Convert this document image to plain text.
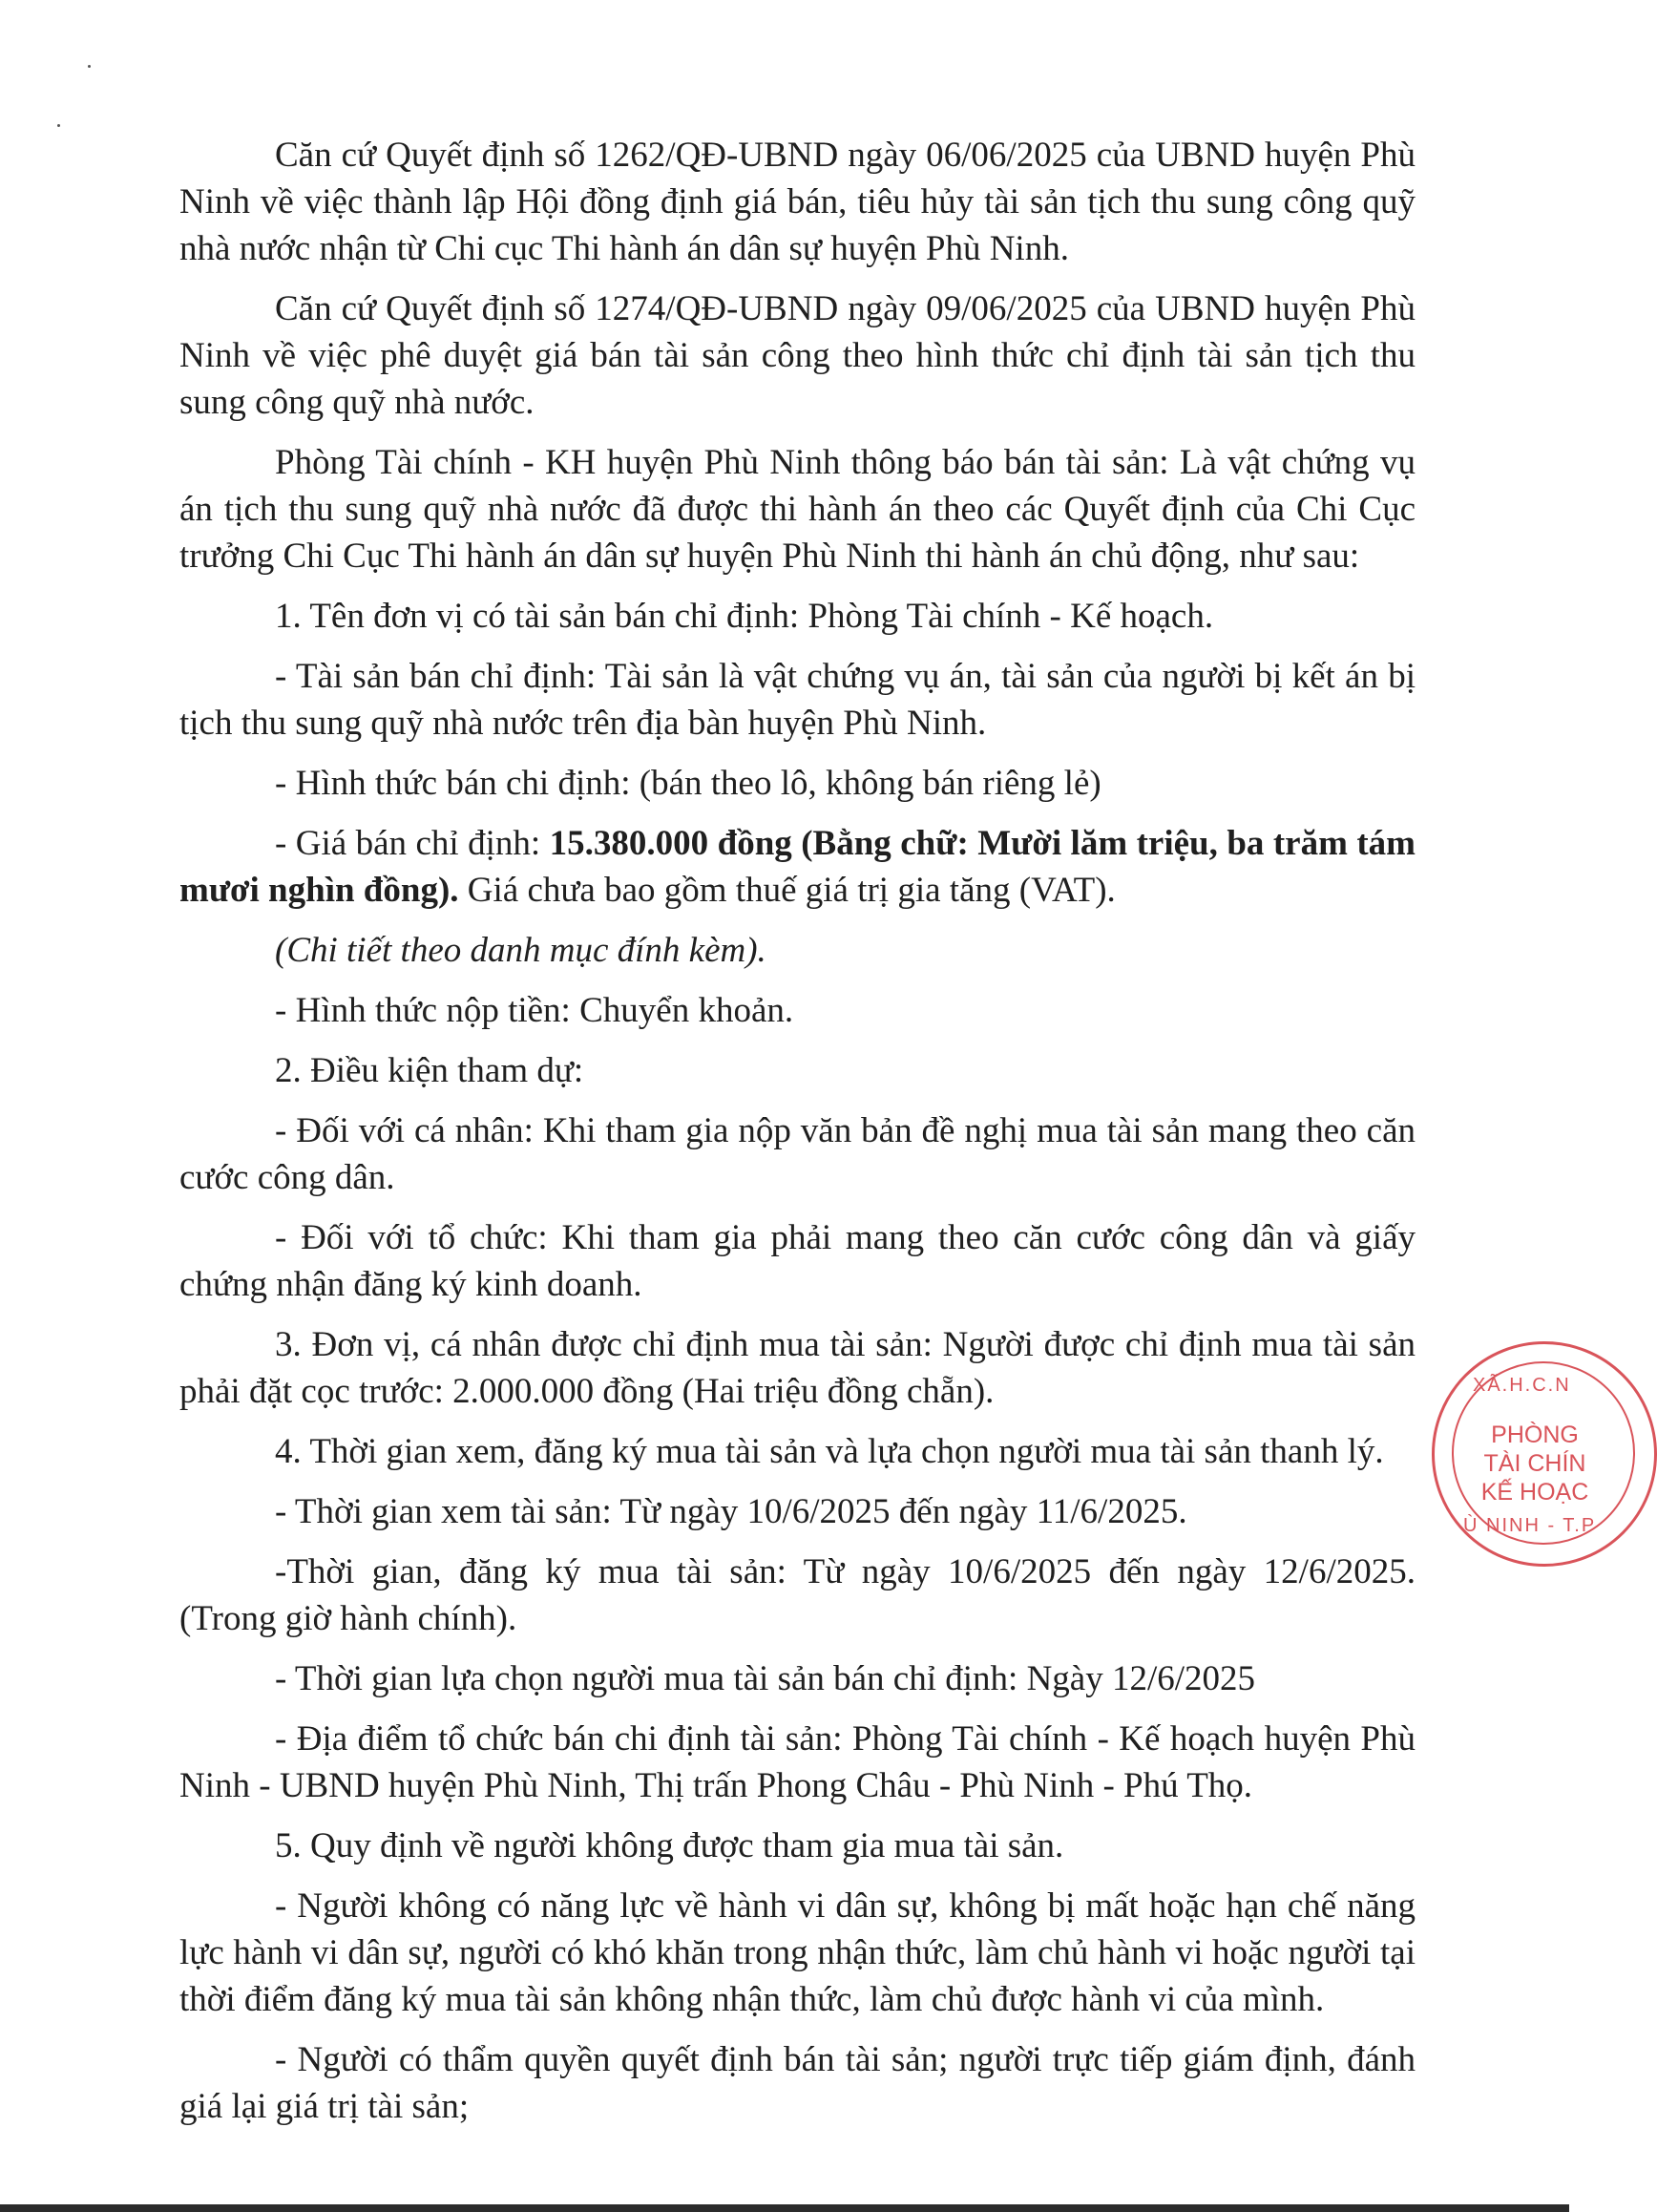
Căn cứ Quyết định số 1262/QĐ-UBND ngày 06/06/2025 của UBND huyện Phù Ninh về việc thành lập Hội đồng định giá bán, tiêu hủy tài sản tịch thu sung công quỹ nhà nước nhận từ Chi cục Thi hành án dân sự huyện Phù Ninh.

Căn cứ Quyết định số 1274/QĐ-UBND ngày 09/06/2025 của UBND huyện Phù Ninh về việc phê duyệt giá bán tài sản công theo hình thức chỉ định tài sản tịch thu sung công quỹ nhà nước.

Phòng Tài chính - KH huyện Phù Ninh thông báo bán tài sản: Là vật chứng vụ án tịch thu sung quỹ nhà nước đã được thi hành án theo các Quyết định của Chi Cục trưởng Chi Cục Thi hành án dân sự huyện Phù Ninh thi hành án chủ động, như sau:

1. Tên đơn vị có tài sản bán chỉ định: Phòng Tài chính - Kế hoạch.

- Tài sản bán chỉ định: Tài sản là vật chứng vụ án, tài sản của người bị kết án bị tịch thu sung quỹ nhà nước trên địa bàn huyện Phù Ninh.

- Hình thức bán chi định: (bán theo lô, không bán riêng lẻ)

- Giá bán chỉ định: 15.380.000 đồng (Bằng chữ: Mười lăm triệu, ba trăm tám mươi nghìn đồng). Giá chưa bao gồm thuế giá trị gia tăng (VAT).

(Chi tiết theo danh mục đính kèm).

- Hình thức nộp tiền: Chuyển khoản.

2. Điều kiện tham dự:

- Đối với cá nhân: Khi tham gia nộp văn bản đề nghị mua tài sản mang theo căn cước công dân.

- Đối với tổ chức: Khi tham gia phải mang theo căn cước công dân và giấy chứng nhận đăng ký kinh doanh.

3. Đơn vị, cá nhân được chỉ định mua tài sản: Người được chỉ định mua tài sản phải đặt cọc trước: 2.000.000 đồng (Hai triệu đồng chẵn).

4. Thời gian xem, đăng ký mua tài sản và lựa chọn người mua tài sản thanh lý.

- Thời gian xem tài sản: Từ ngày 10/6/2025 đến ngày 11/6/2025.

-Thời gian, đăng ký mua tài sản: Từ ngày 10/6/2025 đến ngày 12/6/2025. (Trong giờ hành chính).

- Thời gian lựa chọn người mua tài sản bán chỉ định: Ngày 12/6/2025

- Địa điểm tổ chức bán chi định tài sản: Phòng Tài chính - Kế hoạch huyện Phù Ninh - UBND huyện Phù Ninh, Thị trấn Phong Châu - Phù Ninh - Phú Thọ.

5. Quy định về người không được tham gia mua tài sản.

- Người không có năng lực về hành vi dân sự, không bị mất hoặc hạn chế năng lực hành vi dân sự, người có khó khăn trong nhận thức, làm chủ hành vi hoặc người tại thời điểm đăng ký mua tài sản không nhận thức, làm chủ được hành vi của mình.

- Người có thẩm quyền quyết định bán tài sản; người trực tiếp giám định, đánh giá lại giá trị tài sản;

XÃ.H.C.N
PHÒNG
TÀI CHÍN
KẾ HOẠC
Ù NINH - T.P
